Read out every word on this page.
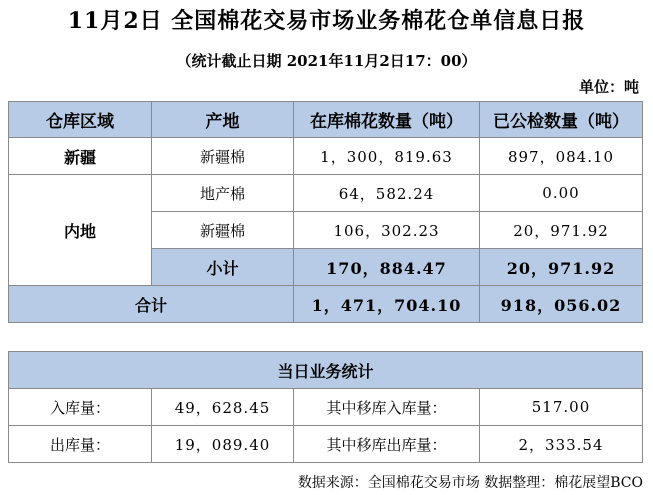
11月2日 全国棉花交易市场业务棉花仓单信息日报
（统计截止日期 2021年11月2日17：00）
单位：吨
仓库区域	产地	在库棉花数量（吨）	已公检数量（吨）
新疆	新疆棉	1，300，819.63	897，084.10
内地	地产棉	64，582.24	0.00
	新疆棉	106，302.23	20，971.92
	小计	170，884.47	20，971.92
合计		1，471，704.10	918，056.02
当日业务统计			
入库量：	49，628.45	其中移库入库量：	517.00
出库量：	19，089.40	其中移库出库量：	2，333.54
数据来源：全国棉花交易市场 数据整理：棉花展望BCO
